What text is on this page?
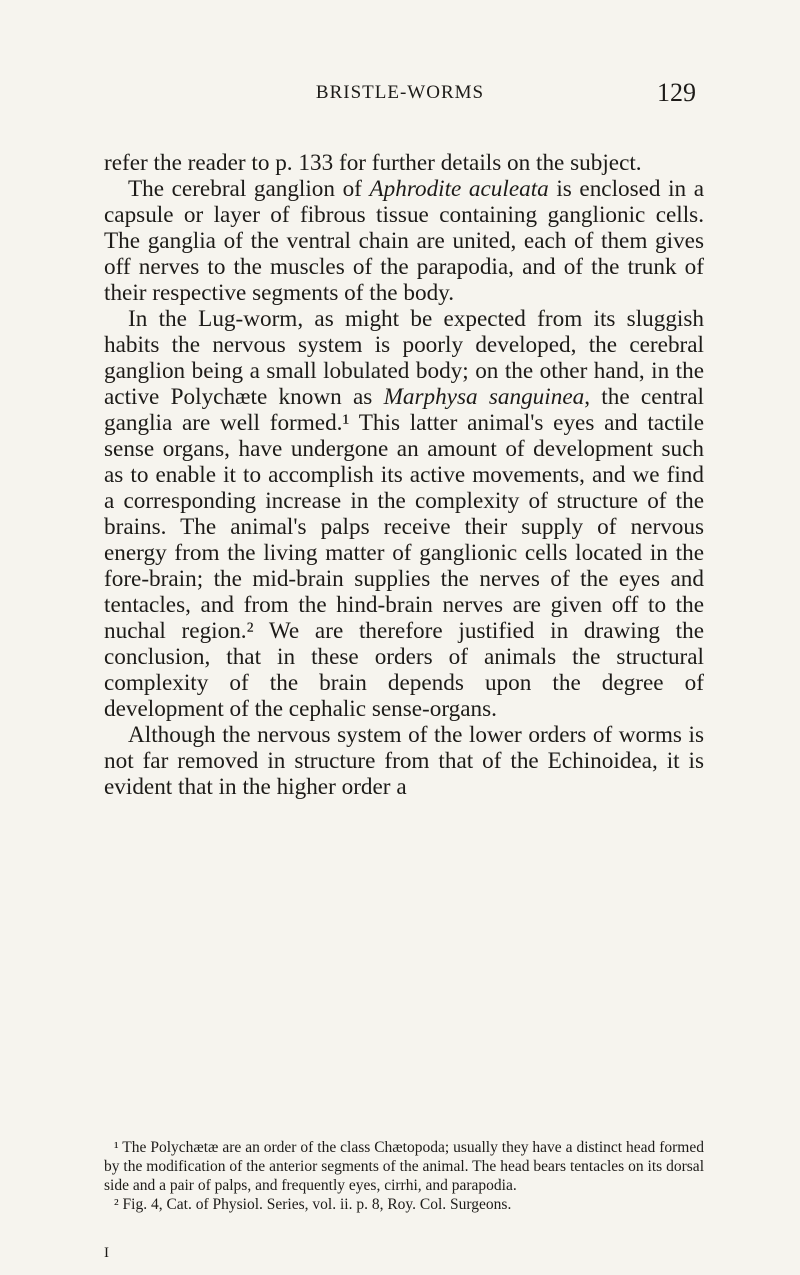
BRISTLE-WORMS	129

refer the reader to p. 133 for further details on the subject.

The cerebral ganglion of Aphrodite aculeata is enclosed in a capsule or layer of fibrous tissue containing ganglionic cells. The ganglia of the ventral chain are united, each of them gives off nerves to the muscles of the parapodia, and of the trunk of their respective segments of the body.

In the Lug-worm, as might be expected from its sluggish habits the nervous system is poorly developed, the cerebral ganglion being a small lobulated body; on the other hand, in the active Polychæte known as Marphysa sanguinea, the central ganglia are well formed.¹ This latter animal's eyes and tactile sense organs, have undergone an amount of development such as to enable it to accomplish its active movements, and we find a corresponding increase in the complexity of structure of the brains. The animal's palps receive their supply of nervous energy from the living matter of ganglionic cells located in the fore-brain; the mid-brain supplies the nerves of the eyes and tentacles, and from the hind-brain nerves are given off to the nuchal region.² We are therefore justified in drawing the conclusion, that in these orders of animals the structural complexity of the brain depends upon the degree of development of the cephalic sense-organs.

Although the nervous system of the lower orders of worms is not far removed in structure from that of the Echinoidea, it is evident that in the higher order a

¹ The Polychætæ are an order of the class Chætopoda; usually they have a distinct head formed by the modification of the anterior segments of the animal. The head bears tentacles on its dorsal side and a pair of palps, and frequently eyes, cirrhi, and parapodia.

² Fig. 4, Cat. of Physiol. Series, vol. ii. p. 8, Roy. Col. Surgeons.

I
